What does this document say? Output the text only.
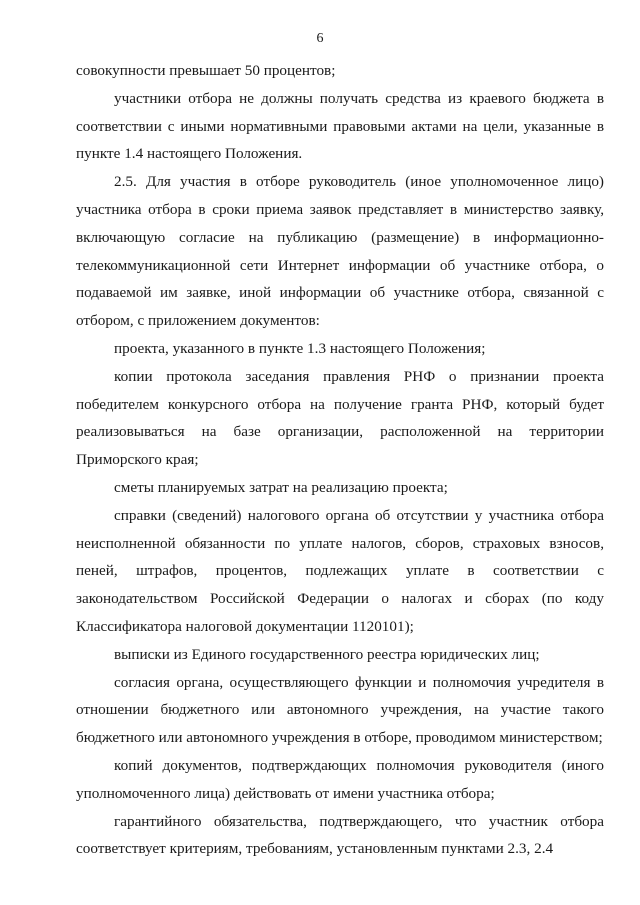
6

совокупности превышает 50 процентов;

участники отбора не должны получать средства из краевого бюджета в соответствии с иными нормативными правовыми актами на цели, указанные в пункте 1.4 настоящего Положения.

2.5. Для участия в отборе руководитель (иное уполномоченное лицо) участника отбора в сроки приема заявок представляет в министерство заявку, включающую согласие на публикацию (размещение) в информационно-телекоммуникационной сети Интернет информации об участнике отбора, о подаваемой им заявке, иной информации об участнике отбора, связанной с отбором, с приложением документов:

проекта, указанного в пункте 1.3 настоящего Положения;

копии протокола заседания правления РНФ о признании проекта победителем конкурсного отбора на получение гранта РНФ, который будет реализовываться на базе организации, расположенной на территории Приморского края;

сметы планируемых затрат на реализацию проекта;

справки (сведений) налогового органа об отсутствии у участника отбора неисполненной обязанности по уплате налогов, сборов, страховых взносов, пеней, штрафов, процентов, подлежащих уплате в соответствии с законодательством Российской Федерации о налогах и сборах (по коду Классификатора налоговой документации 1120101);

выписки из Единого государственного реестра юридических лиц;

согласия органа, осуществляющего функции и полномочия учредителя в отношении бюджетного или автономного учреждения, на участие такого бюджетного или автономного учреждения в отборе, проводимом министерством;

копий документов, подтверждающих полномочия руководителя (иного уполномоченного лица) действовать от имени участника отбора;

гарантийного обязательства, подтверждающего, что участник отбора соответствует критериям, требованиям, установленным пунктами 2.3, 2.4
